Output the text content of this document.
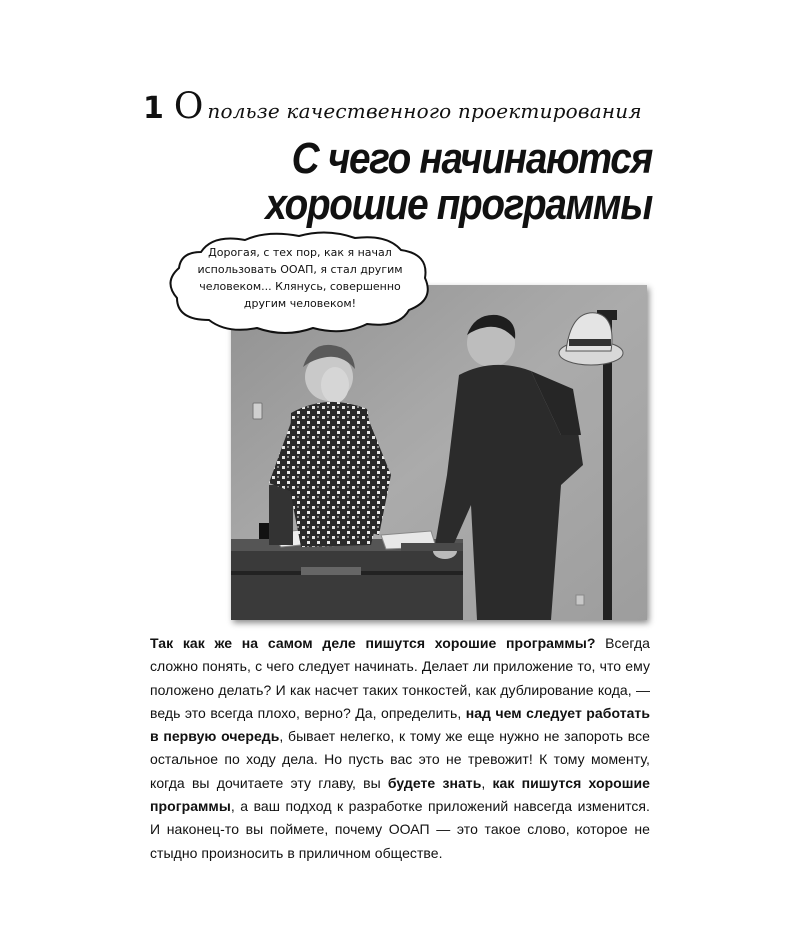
1 О пользе качественного проектирования
С чего начинаются
хорошие программы
Дорогая, с тех пор, как я начал
использовать ООАП, я стал другим
человеком... Клянусь, совершенно
другим человеком!
Так как же на самом деле пишутся хорошие программы? Всегда сложно понять, с чего следует начинать. Делает ли приложение то, что ему положено делать? И как насчет таких тонкостей, как дублирование кода, — ведь это всегда плохо, верно? Да, определить, над чем следует работать в первую очередь, бывает нелегко, к тому же еще нужно не запороть все остальное по ходу дела. Но пусть вас это не тревожит! К тому моменту, когда вы дочитаете эту главу, вы будете знать, как пишутся хорошие программы, а ваш подход к разработке приложений навсегда изменится. И наконец-то вы поймете, почему ООАП — это такое слово, которое не стыдно произносить в приличном обществе.
